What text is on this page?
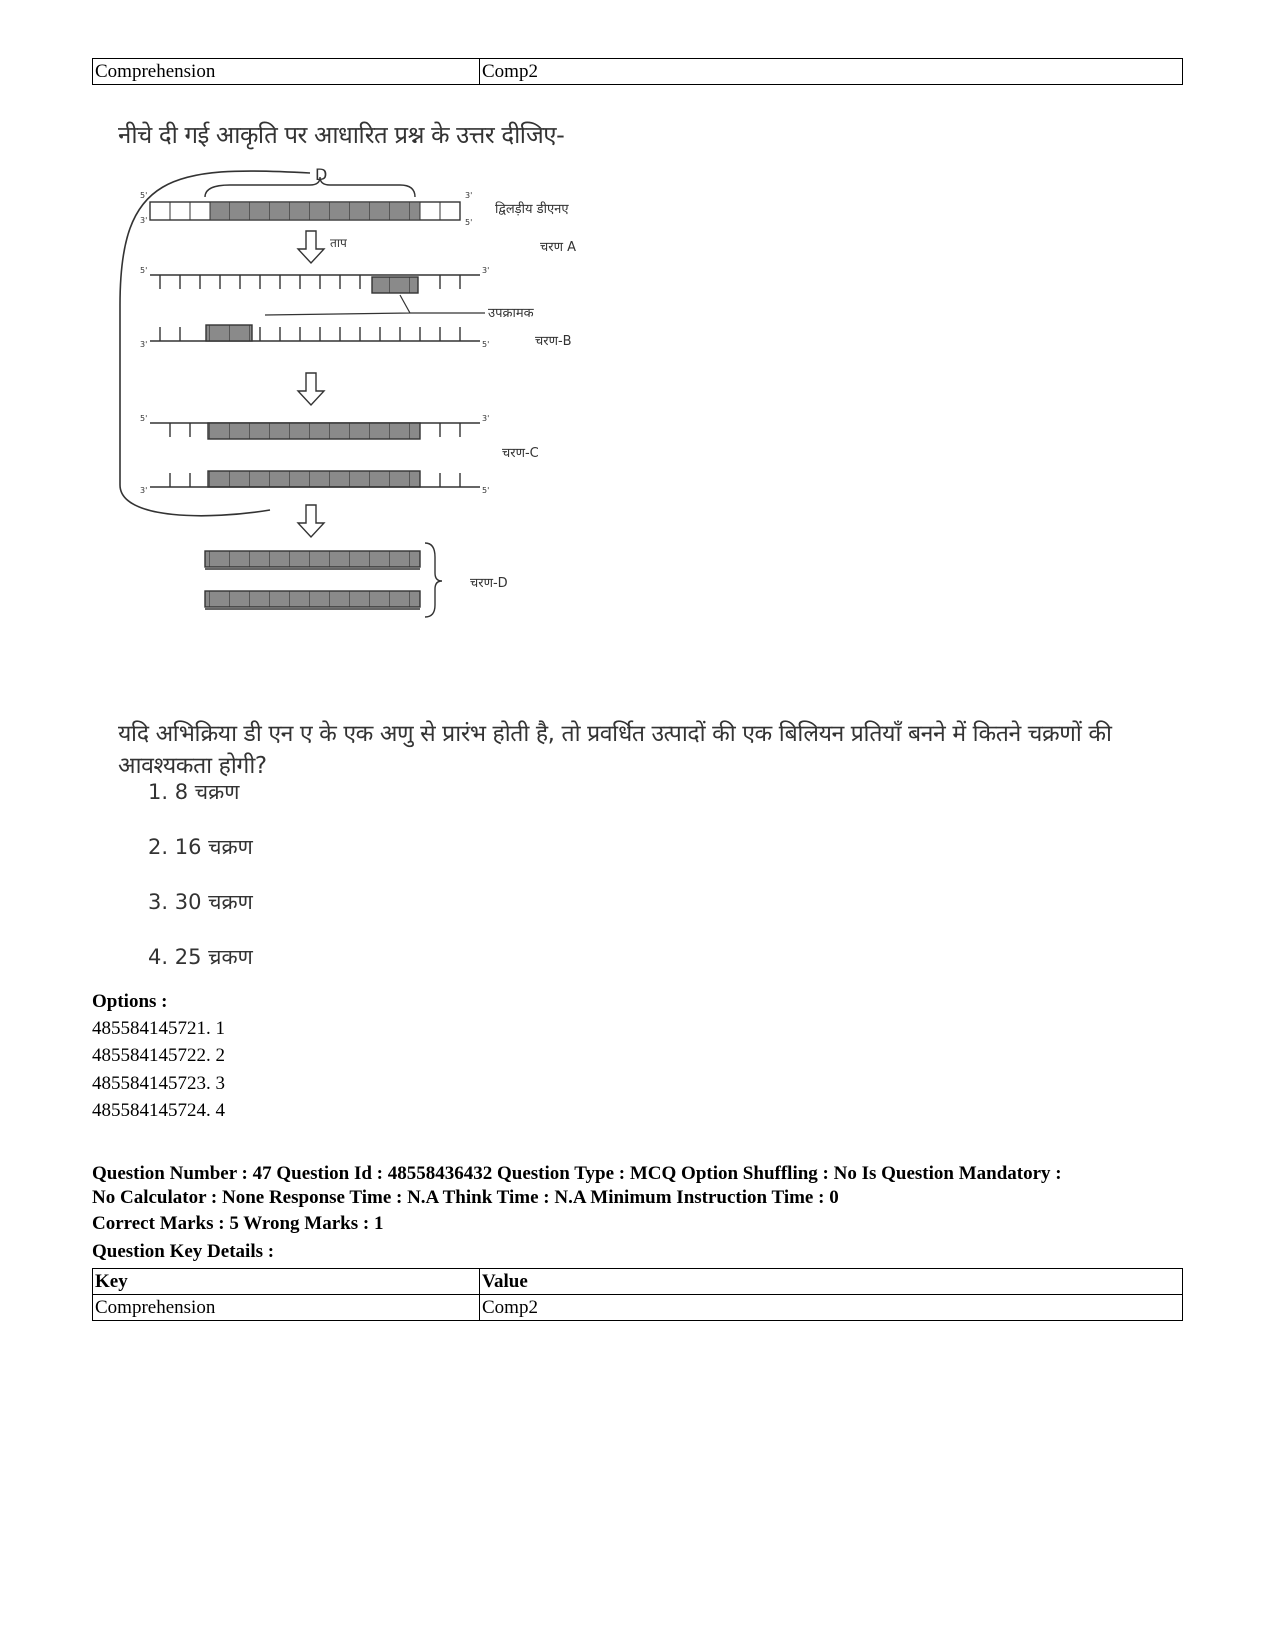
Comprehension	Comp2
नीचे दी गई आकृति पर आधारित प्रश्न के उत्तर दीजिए-
D
5'
3'
3'
5'
द्विलड़ीय डीएनए
ताप	चरण A
5'	3'
उपक्रामक
3'	5'	चरण-B
5'	3'
3'	5'
चरण-C
चरण-D
यदि अभिक्रिया डी एन ए के एक अणु से प्रारंभ होती है, तो प्रवर्धित उत्पादों की एक बिलियन प्रतियाँ बनने में कितने चक्रणों की आवश्यकता होगी?
1. 8 चक्रण
2. 16 चक्रण
3. 30 चक्रण
4. 25 च्रकण
Options :
485584145721. 1
485584145722. 2
485584145723. 3
485584145724. 4
Question Number : 47 Question Id : 48558436432 Question Type : MCQ Option Shuffling : No Is Question Mandatory :
No Calculator : None Response Time : N.A Think Time : N.A Minimum Instruction Time : 0
Correct Marks : 5 Wrong Marks : 1
Question Key Details :
Key	Value
Comprehension	Comp2
